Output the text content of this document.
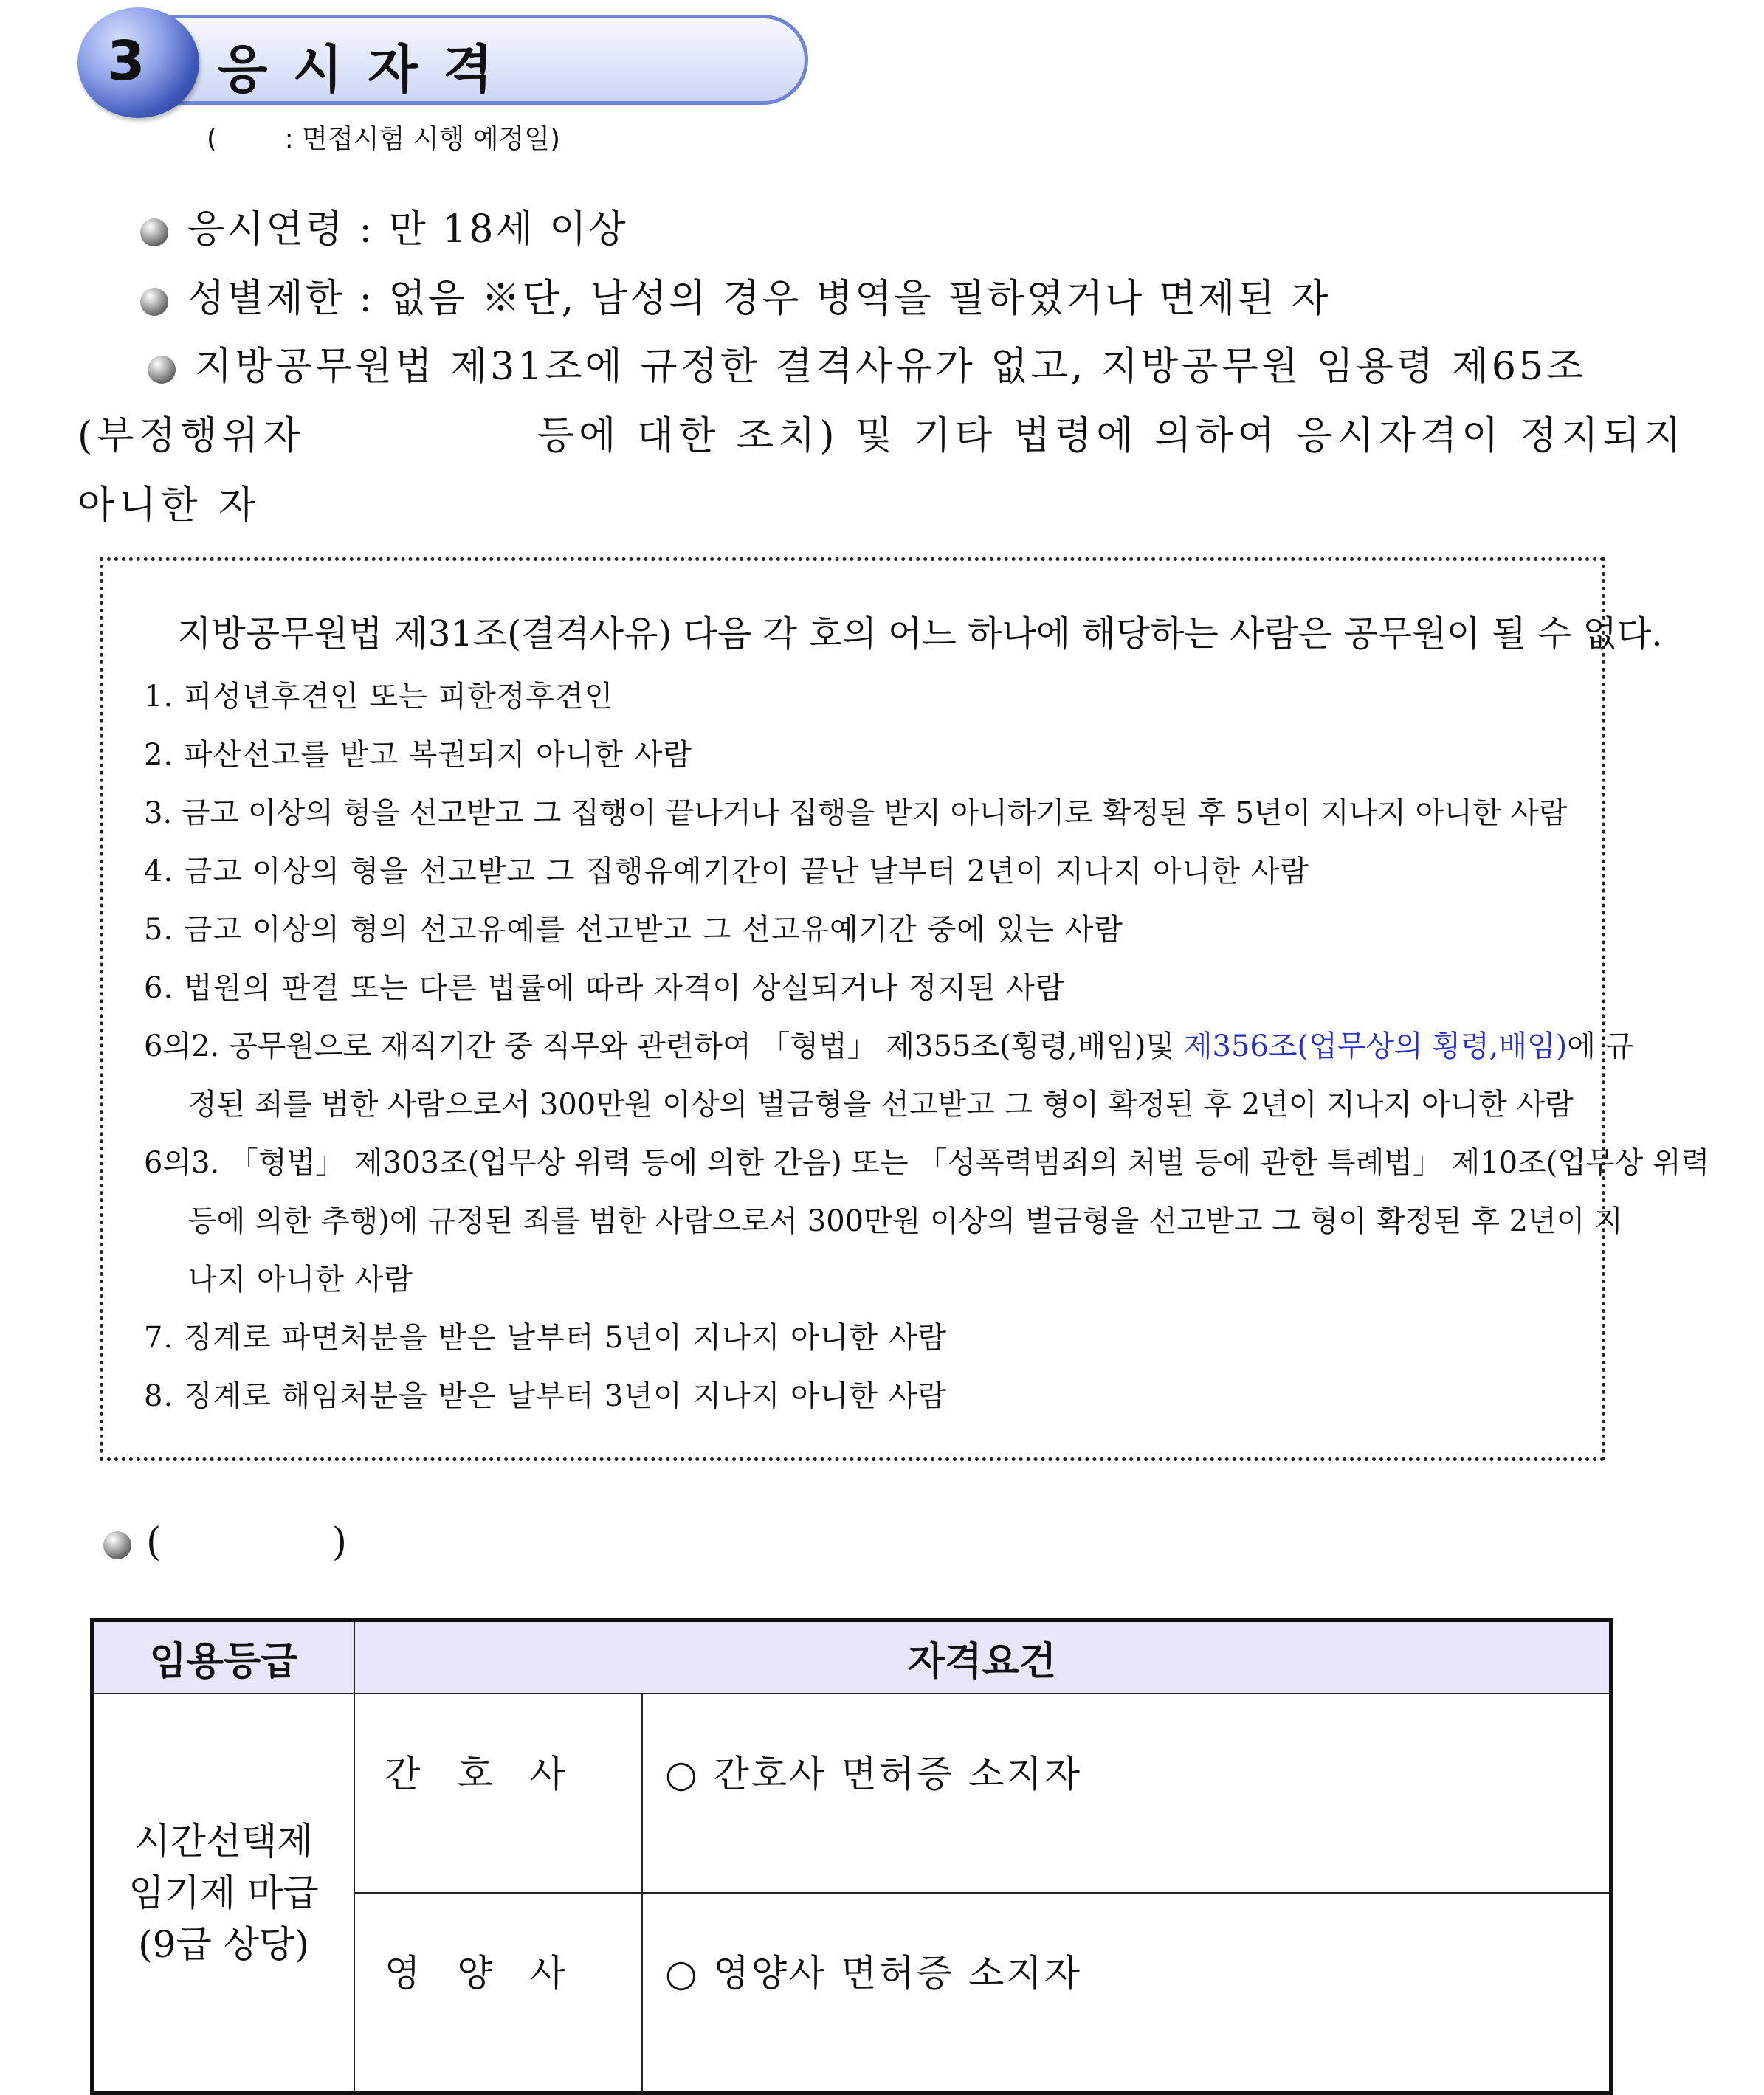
3 응시자격
(        : 면접시험 시행 예정일)
응시연령 : 만 18세 이상
성별제한 : 없음 ※단, 남성의 경우 병역을 필하였거나 면제된 자
지방공무원법 제31조에 규정한 결격사유가 없고, 지방공무원 임용령 제65조
(부정행위자              등에 대한 조치) 및 기타 법령에 의하여 응시자격이 정지되지
아니한 자
지방공무원법 제31조(결격사유) 다음 각 호의 어느 하나에 해당하는 사람은 공무원이 될 수 없다.
1. 피성년후견인 또는 피한정후견인
2. 파산선고를 받고 복권되지 아니한 사람
3. 금고 이상의 형을 선고받고 그 집행이 끝나거나 집행을 받지 아니하기로 확정된 후 5년이 지나지 아니한 사람
4. 금고 이상의 형을 선고받고 그 집행유예기간이 끝난 날부터 2년이 지나지 아니한 사람
5. 금고 이상의 형의 선고유예를 선고받고 그 선고유예기간 중에 있는 사람
6. 법원의 판결 또는 다른 법률에 따라 자격이 상실되거나 정지된 사람
6의2. 공무원으로 재직기간 중 직무와 관련하여 「형법」 제355조(횡령,배임)및 제356조(업무상의 횡령,배임)에 규
정된 죄를 범한 사람으로서 300만원 이상의 벌금형을 선고받고 그 형이 확정된 후 2년이 지나지 아니한 사람
6의3. 「형법」 제303조(업무상 위력 등에 의한 간음) 또는 「성폭력범죄의 처벌 등에 관한 특례법」 제10조(업무상 위력
등에 의한 추행)에 규정된 죄를 범한 사람으로서 300만원 이상의 벌금형을 선고받고 그 형이 확정된 후 2년이 지
나지 아니한 사람
7. 징계로 파면처분을 받은 날부터 5년이 지나지 아니한 사람
8. 징계로 해임처분을 받은 날부터 3년이 지나지 아니한 사람
(              )
임용등급	자격요건	

시간선택제
임기제 마급
(9급 상당)	간호사	○ 간호사 면허증 소지자
	영양사	○ 영양사 면허증 소지자
